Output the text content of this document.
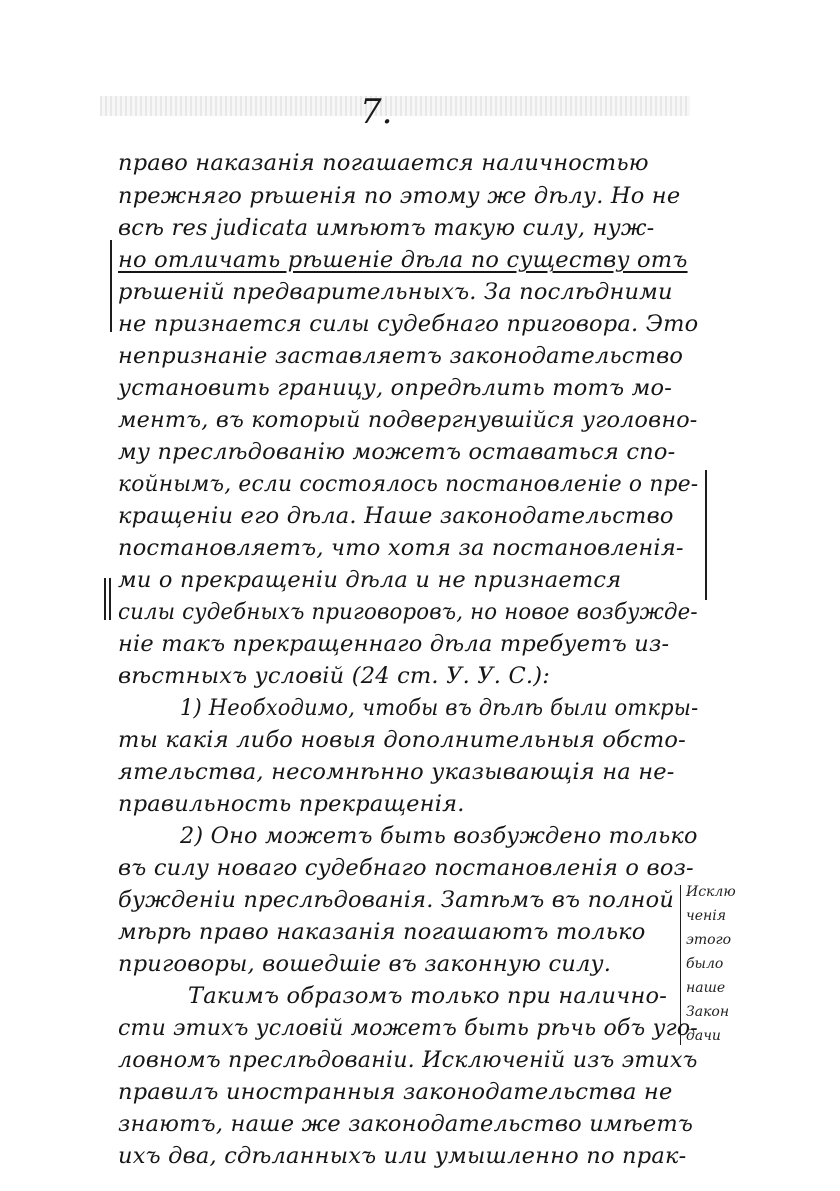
7.
право наказанія погашается наличностью
прежняго рѣшенія по этому же дѣлу. Но не
всѣ res judicata имѣютъ такую силу, нуж-
но отличать рѣшеніе дѣла по существу отъ
рѣшеній предварительныхъ. За послѣдними
не признается силы судебнаго приговора. Это
непризнаніе заставляетъ законодательство
установить границу, опредѣлить тотъ мо-
ментъ, въ который подвергнувшійся уголовно-
му преслѣдованію можетъ оставаться спо-
койнымъ, если состоялось постановленіе о пре-
кращеніи его дѣла. Наше законодательство
постановляетъ, что хотя за постановленія-
ми о прекращеніи дѣла и не признается
силы судебныхъ приговоровъ, но новое возбужде-
ніе такъ прекращеннаго дѣла требуетъ из-
вѣстныхъ условій (24 ст. У. У. С.):
1) Необходимо, чтобы въ дѣлѣ были откры-
ты какія либо новыя дополнительныя обсто-
ятельства, несомнѣнно указывающія на не-
правильность прекращенія.
2) Оно можетъ быть возбуждено только
въ силу новаго судебнаго постановленія о воз-
бужденіи преслѣдованія. Затѣмъ въ полной
мѣрѣ право наказанія погашаютъ только
приговоры, вошедшіе въ законную силу.
Такимъ образомъ только при налично-
сти этихъ условій можетъ быть рѣчь объ уго-
ловномъ преслѣдованіи. Исключеній изъ этихъ
правилъ иностранныя законодательства не
знаютъ, наше же законодательство имѣетъ
ихъ два, сдѣланныхъ или умышленно по прак-
Исклю
ченія
этого
было
наше
Закон
дачи
